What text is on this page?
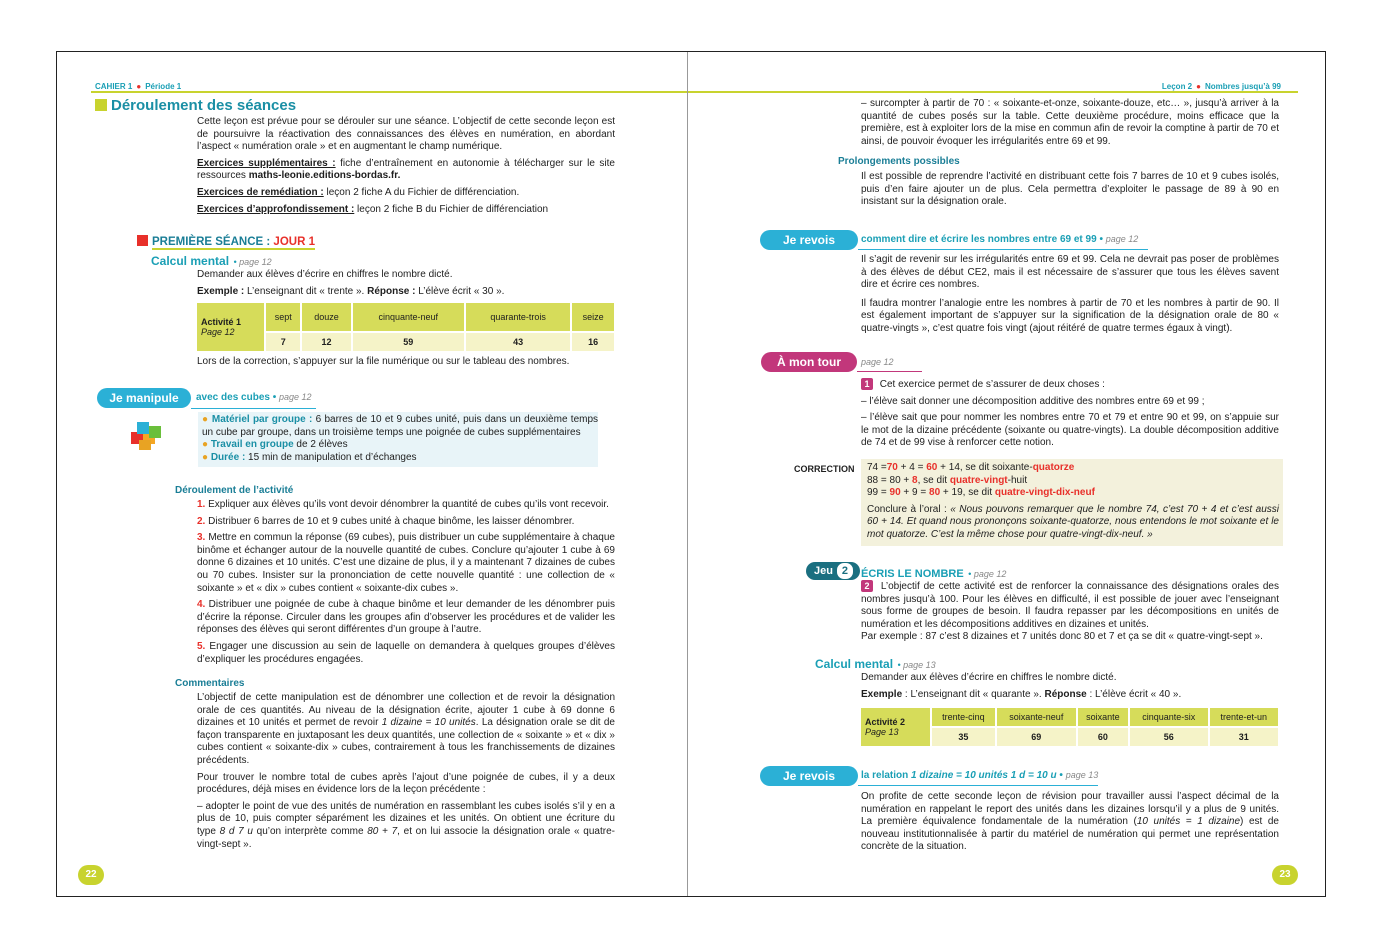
CAHIER 1 ● Période 1
Déroulement des séances

Cette leçon est prévue pour se dérouler sur une séance. L’objectif de cette seconde leçon est de poursuivre la réactivation des connaissances des élèves en numération, en abordant l’aspect « numération orale » et en augmentant le champ numérique.

Exercices supplémentaires : fiche d’entraînement en autonomie à télécharger sur le site ressources maths-leonie.editions-bordas.fr.

Exercices de remédiation : leçon 2 fiche A du Fichier de différenciation.

Exercices d’approfondissement : leçon 2 fiche B du Fichier de différenciation

PREMIÈRE SÉANCE : JOUR 1
Calcul mental • page 12

Demander aux élèves d’écrire en chiffres le nombre dicté.

Exemple : L’enseignant dit « trente ». Réponse : L’élève écrit « 30 ».

Activité 1
Page 12	sept	douze	cinquante-neuf	quarante-trois	seize
	7	12	59	43	16

Lors de la correction, s’appuyer sur la file numérique ou sur le tableau des nombres.

Je manipule	avec des cubes • page 12

● Matériel par groupe : 6 barres de 10 et 9 cubes unité, puis dans un deuxième temps un cube par groupe, dans un troisième temps une poignée de cubes supplémentaires

● Travail en groupe de 2 élèves

● Durée : 15 min de manipulation et d’échanges

Déroulement de l’activité

1. Expliquer aux élèves qu’ils vont devoir dénombrer la quantité de cubes qu’ils vont recevoir.

2. Distribuer 6 barres de 10 et 9 cubes unité à chaque binôme, les laisser dénombrer.

3. Mettre en commun la réponse (69 cubes), puis distribuer un cube supplémentaire à chaque binôme et échanger autour de la nouvelle quantité de cubes. Conclure qu’ajouter 1 cube à 69 donne 6 dizaines et 10 unités. C’est une dizaine de plus, il y a maintenant 7 dizaines de cubes ou 70 cubes. Insister sur la prononciation de cette nouvelle quantité : une collection de « soixante » et « dix » cubes contient « soixante-dix cubes ».

4. Distribuer une poignée de cube à chaque binôme et leur demander de les dénombrer puis d’écrire la réponse. Circuler dans les groupes afin d’observer les procédures et de valider les réponses des élèves qui seront différentes d’un groupe à l’autre.

5. Engager une discussion au sein de laquelle on demandera à quelques groupes d’élèves d’expliquer les procédures engagées.

Commentaires

L’objectif de cette manipulation est de dénombrer une collection et de revoir la désignation orale de ces quantités. Au niveau de la désignation écrite, ajouter 1 cube à 69 donne 6 dizaines et 10 unités et permet de revoir 1 dizaine = 10 unités. La désignation orale se dit de façon transparente en juxtaposant les deux quantités, une collection de « soixante » et « dix » cubes contient « soixante-dix » cubes, contrairement à tous les franchissements de dizaines précédents.

Pour trouver le nombre total de cubes après l’ajout d’une poignée de cubes, il y a deux procédures, déjà mises en évidence lors de la leçon précédente :

– adopter le point de vue des unités de numération en rassemblant les cubes isolés s’il y en a plus de 10, puis compter séparément les dizaines et les unités. On obtient une écriture du type 8 d 7 u qu’on interprète comme 80 + 7, et on lui associe la désignation orale « quatre-vingt-sept ».

22
Leçon 2 ● Nombres jusqu’à 99

– surcompter à partir de 70 : « soixante-et-onze, soixante-douze, etc… », jusqu’à arriver à la quantité de cubes posés sur la table. Cette deuxième procédure, moins efficace que la première, est à exploiter lors de la mise en commun afin de revoir la comptine à partir de 70 et ainsi, de pouvoir évoquer les irrégularités entre 69 et 99.

Prolongements possibles

Il est possible de reprendre l’activité en distribuant cette fois 7 barres de 10 et 9 cubes isolés, puis d’en faire ajouter un de plus. Cela permettra d’exploiter le passage de 89 à 90 en insistant sur la désignation orale.

Je revois	comment dire et écrire les nombres entre 69 et 99 • page 12

Il s’agit de revenir sur les irrégularités entre 69 et 99. Cela ne devrait pas poser de problèmes à des élèves de début CE2, mais il est nécessaire de s’assurer que tous les élèves savent dire et écrire ces nombres.

Il faudra montrer l’analogie entre les nombres à partir de 70 et les nombres à partir de 90. Il est également important de s’appuyer sur la signification de la désignation orale de 80 « quatre-vingts », c’est quatre fois vingt (ajout réitéré de quatre termes égaux à vingt).

À mon tour	page 12

1 Cet exercice permet de s’assurer de deux choses :

– l’élève sait donner une décomposition additive des nombres entre 69 et 99 ;

– l’élève sait que pour nommer les nombres entre 70 et 79 et entre 90 et 99, on s’appuie sur le mot de la dizaine précédente (soixante ou quatre-vingts). La double décomposition additive de 74 et de 99 vise à renforcer cette notion.

CORRECTION 74 =70 + 4 = 60 + 14, se dit soixante-quatorze

88 = 80 + 8, se dit quatre-vingt-huit

99 = 90 + 9 = 80 + 19, se dit quatre-vingt-dix-neuf

Conclure à l’oral : « Nous pouvons remarquer que le nombre 74, c’est 70 + 4 et c’est aussi 60 + 14. Et quand nous prononçons soixante-quatorze, nous entendons le mot soixante et le mot quatorze. C’est la même chose pour quatre-vingt-dix-neuf. »

Jeu 2	ÉCRIS LE NOMBRE • page 12

2 L’objectif de cette activité est de renforcer la connaissance des désignations orales des nombres jusqu’à 100. Pour les élèves en difficulté, il est possible de jouer avec l’enseignant sous forme de groupes de besoin. Il faudra repasser par les décompositions en unités de numération et les décompositions additives en dizaines et unités.

Par exemple : 87 c’est 8 dizaines et 7 unités donc 80 et 7 et ça se dit « quatre-vingt-sept ».

Calcul mental • page 13

Demander aux élèves d’écrire en chiffres le nombre dicté.

Exemple : L’enseignant dit « quarante ». Réponse : L’élève écrit « 40 ».

Activité 2
Page 13	trente-cinq	soixante-neuf	soixante	cinquante-six	trente-et-un
	35	69	60	56	31
Je revois	la relation 1 dizaine = 10 unités 1 d = 10 u • page 13

On profite de cette seconde leçon de révision pour travailler aussi l’aspect décimal de la numération en rappelant le report des unités dans les dizaines lorsqu’il y a plus de 9 unités. La première équivalence fondamentale de la numération (10 unités = 1 dizaine) est de nouveau institutionnalisée à partir du matériel de numération qui permet une représentation concrète de la situation.

23
